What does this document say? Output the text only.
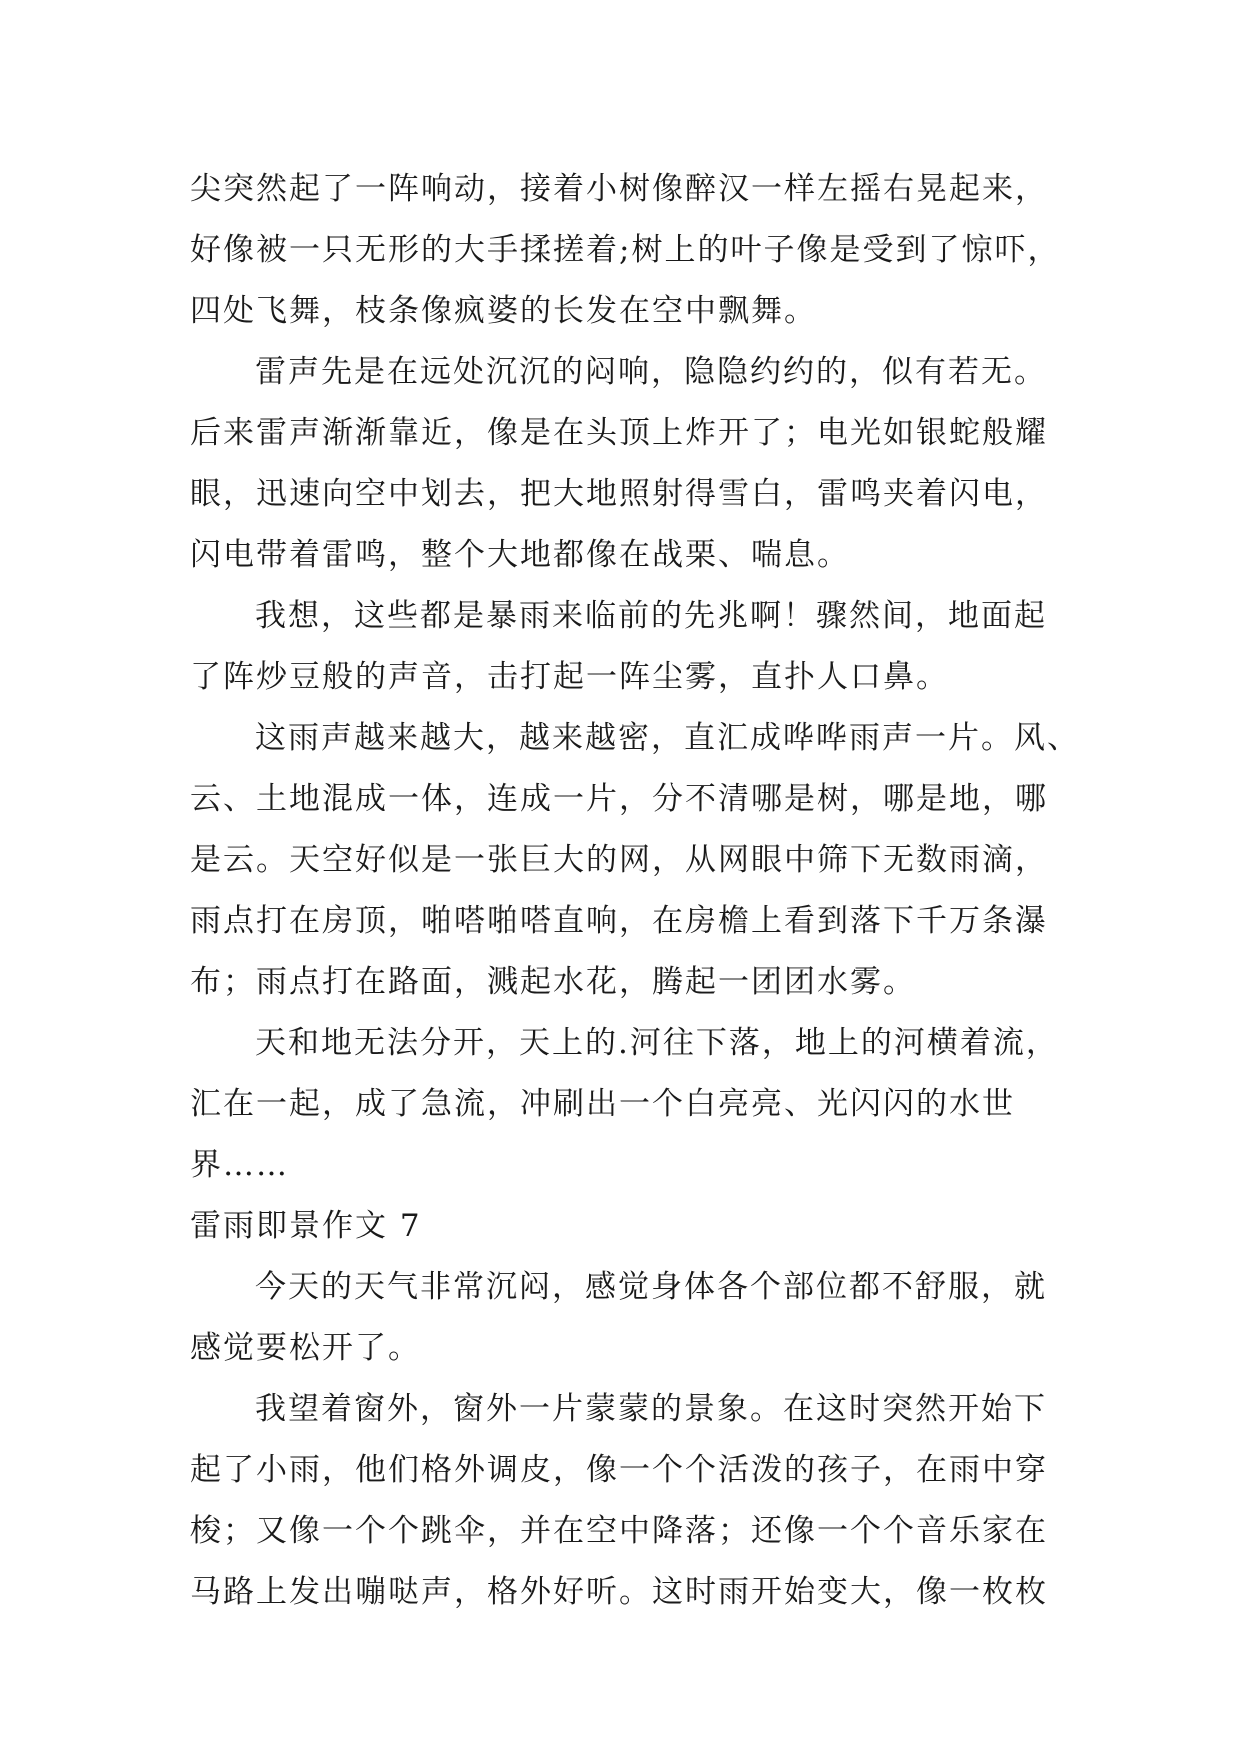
尖突然起了一阵响动，接着小树像醉汉一样左摇右晃起来，
好像被一只无形的大手揉搓着;树上的叶子像是受到了惊吓，
四处飞舞，枝条像疯婆的长发在空中飘舞。
雷声先是在远处沉沉的闷响，隐隐约约的，似有若无。
后来雷声渐渐靠近，像是在头顶上炸开了；电光如银蛇般耀
眼，迅速向空中划去，把大地照射得雪白，雷鸣夹着闪电，
闪电带着雷鸣，整个大地都像在战栗、喘息。
我想，这些都是暴雨来临前的先兆啊！骤然间，地面起
了阵炒豆般的声音，击打起一阵尘雾，直扑人口鼻。
这雨声越来越大，越来越密，直汇成哗哗雨声一片。风、
云、土地混成一体，连成一片，分不清哪是树，哪是地，哪
是云。天空好似是一张巨大的网，从网眼中筛下无数雨滴，
雨点打在房顶，啪嗒啪嗒直响，在房檐上看到落下千万条瀑
布；雨点打在路面，溅起水花，腾起一团团水雾。
天和地无法分开，天上的.河往下落，地上的河横着流，
汇在一起，成了急流，冲刷出一个白亮亮、光闪闪的水世
界……
雷雨即景作文 7
今天的天气非常沉闷，感觉身体各个部位都不舒服，就
感觉要松开了。
我望着窗外，窗外一片蒙蒙的景象。在这时突然开始下
起了小雨，他们格外调皮，像一个个活泼的孩子，在雨中穿
梭；又像一个个跳伞，并在空中降落；还像一个个音乐家在
马路上发出嘣哒声，格外好听。这时雨开始变大，像一枚枚
